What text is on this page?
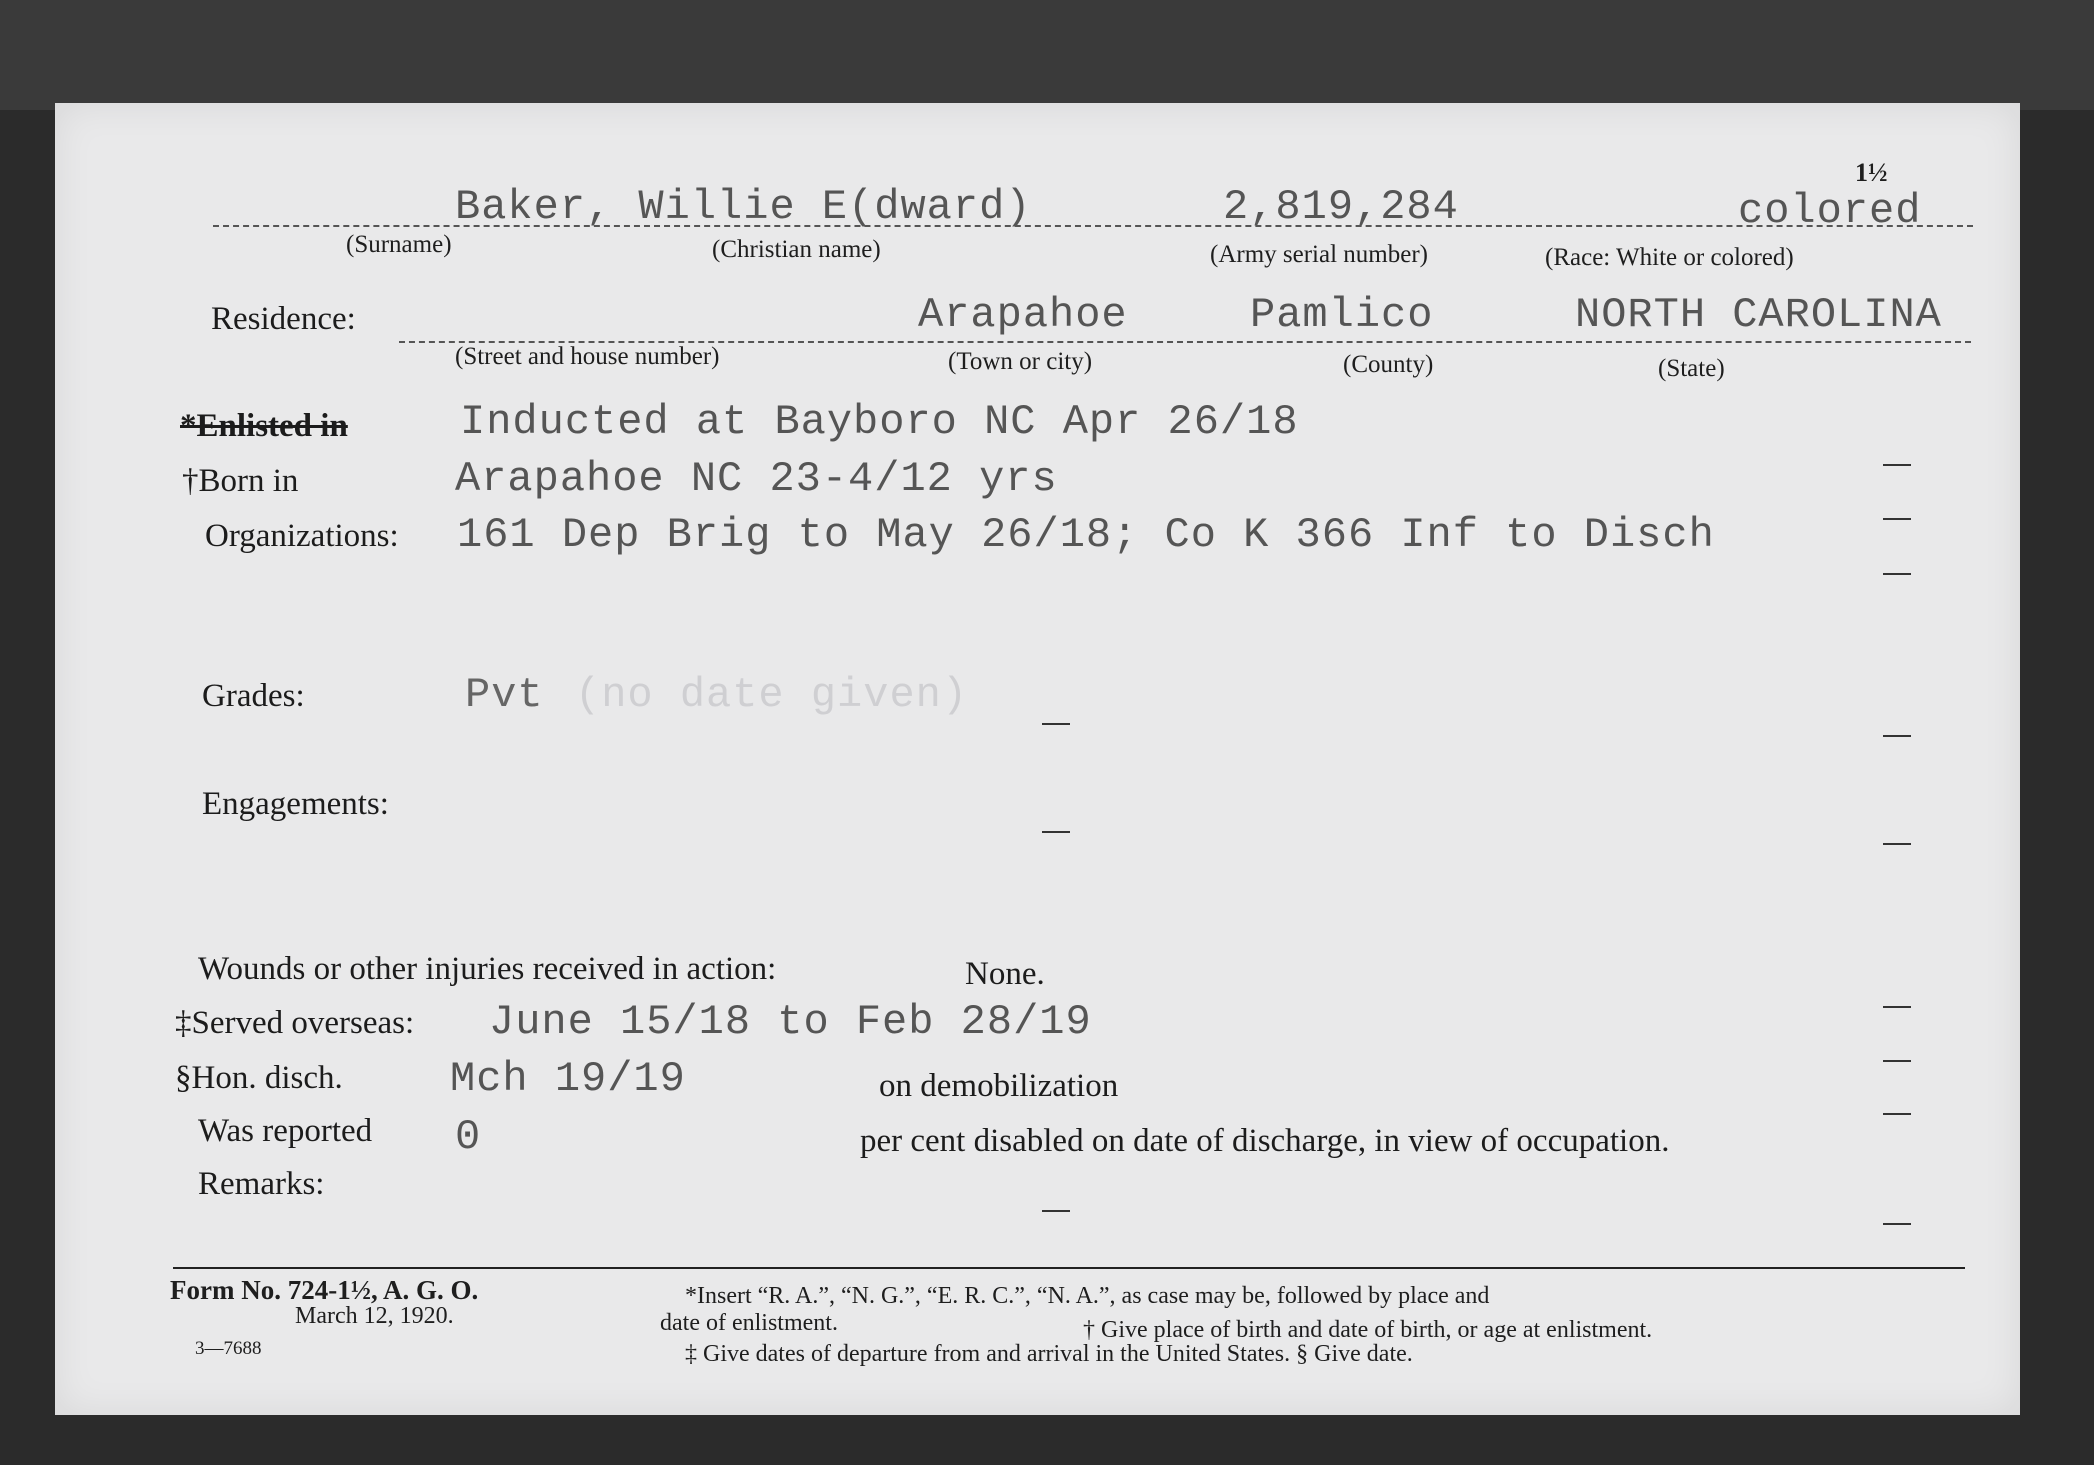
Baker, Willie E(dward)	2,819,284	colored
1½
(Surname)	(Christian name)	(Army serial number)	(Race: White or colored)
Residence:	Arapahoe	Pamlico	NORTH CAROLINA
(Street and house number)	(Town or city)	(County)	(State)
*Enlisted in	Inducted at Bayboro NC Apr 26/18
†Born in	Arapahoe NC 23-4/12 yrs
Organizations: 161 Dep Brig to May 26/18; Co K 366 Inf to Disch
Grades:	Pvt (no date given)
Engagements:
Wounds or other injuries received in action:	None.
‡Served overseas: June 15/18 to Feb 28/19
§Hon. disch.	Mch 19/19	on demobilization
Was reported 0	per cent disabled on date of discharge, in view of occupation.
Remarks:
Form No. 724-1½, A. G. O.
March 12, 1920.
3—7688
*Insert “R. A.”, “N. G.”, “E. R. C.”, “N. A.”, as case may be, followed by place and
date of enlistment.	† Give place of birth and date of birth, or age at enlistment.
‡ Give dates of departure from and arrival in the United States. § Give date.
